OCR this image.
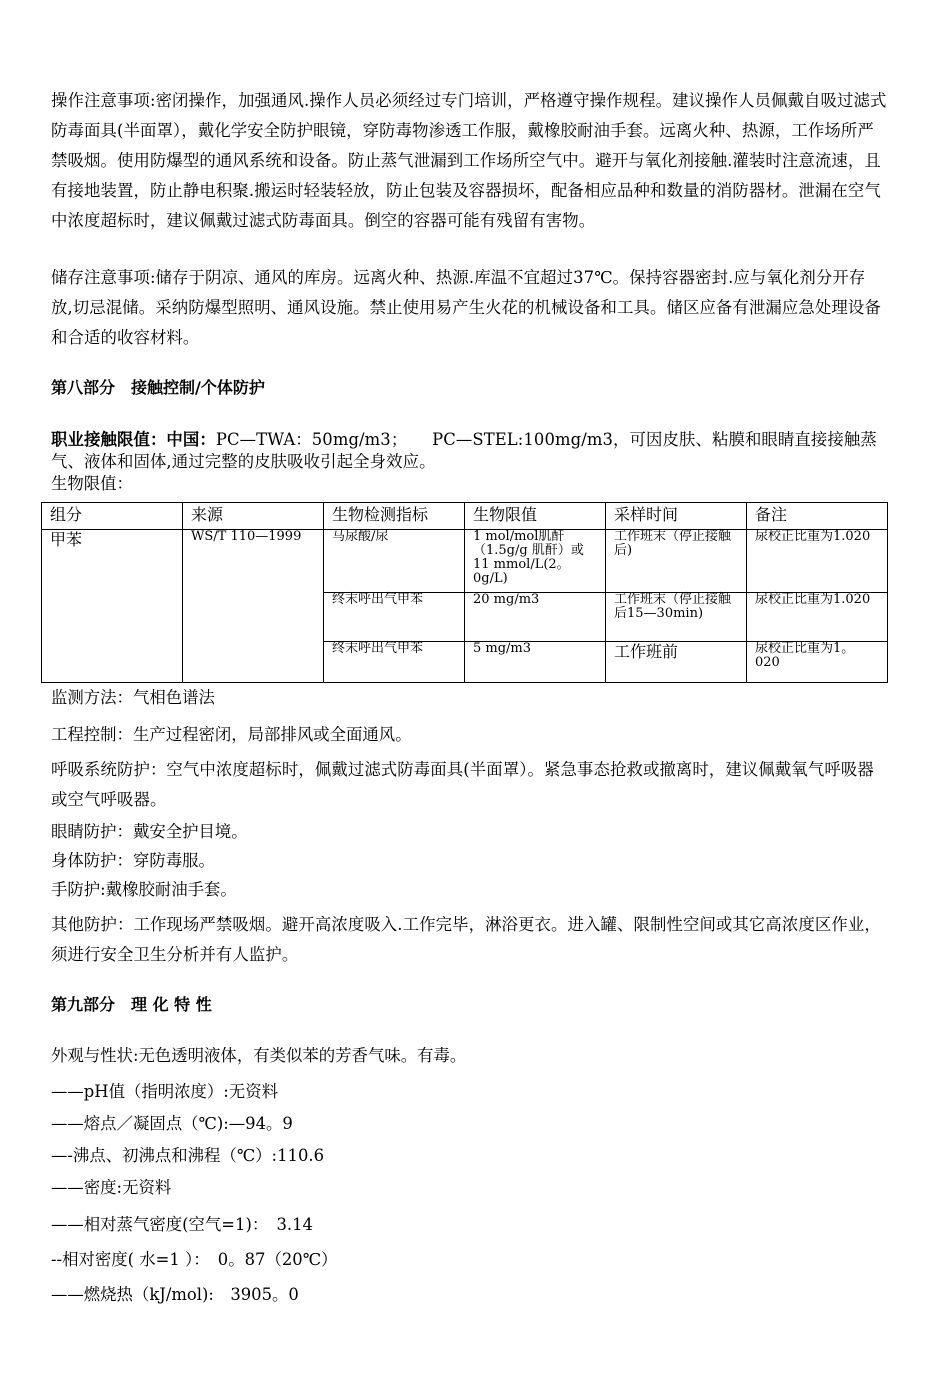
操作注意事项:密闭操作，加强通风.操作人员必须经过专门培训，严格遵守操作规程。建议操作人员佩戴自吸过滤式防毒面具(半面罩），戴化学安全防护眼镜，穿防毒物渗透工作服，戴橡胶耐油手套。远离火种、热源，工作场所严禁吸烟。使用防爆型的通风系统和设备。防止蒸气泄漏到工作场所空气中。避开与氧化剂接触.灌装时注意流速，且有接地装置，防止静电积聚.搬运时轻装轻放，防止包装及容器损坏，配备相应品种和数量的消防器材。泄漏在空气中浓度超标时，建议佩戴过滤式防毒面具。倒空的容器可能有残留有害物。
储存注意事项:储存于阴凉、通风的库房。远离火种、热源.库温不宜超过37℃。保持容器密封.应与氧化剂分开存放,切忌混储。采纳防爆型照明、通风设施。禁止使用易产生火花的机械设备和工具。储区应备有泄漏应急处理设备和合适的收容材料。
第八部分　接触控制/个体防护
职业接触限值：中国：PC—TWA：50mg/m3；　　PC—STEL:100mg/m3，可因皮肤、粘膜和眼睛直接接触蒸气、液体和固体,通过完整的皮肤吸收引起全身效应。
生物限值：
组分	来源	生物检测指标	生物限值	采样时间	备注
甲苯	WS/T 110—1999	马尿酸/尿	1 mol/mol肌酐（1.5g/g 肌酐）或11 mmol/L(2。0g/L)	工作班末（停止接触后)	尿校正比重为1.020
		终末呼出气甲苯	20 mg/m3	工作班末（停止接触后15—30min)	尿校正比重为1.020
		终末呼出气甲苯	5 mg/m3	工作班前	尿校正比重为1。020
监测方法：气相色谱法
工程控制：生产过程密闭，局部排风或全面通风。
呼吸系统防护：空气中浓度超标时，佩戴过滤式防毒面具(半面罩）。紧急事态抢救或撤离时，建议佩戴氧气呼吸器或空气呼吸器。
眼睛防护：戴安全护目境。
身体防护：穿防毒服。
手防护:戴橡胶耐油手套。
其他防护：工作现场严禁吸烟。避开高浓度吸入.工作完毕，淋浴更衣。进入罐、限制性空间或其它高浓度区作业，须进行安全卫生分析并有人监护。
第九部分　理 化 特 性
外观与性状:无色透明液体，有类似苯的芳香气味。有毒。
——pH值（指明浓度）:无资料
——熔点／凝固点（℃):—94。9
—-沸点、初沸点和沸程（℃）:110.6
——密度:无资料
——相对蒸气密度(空气=1)：　3.14
--相对密度( 水=1 ）：　0。87（20℃）
——燃烧热（kJ/mol):　3905。0
